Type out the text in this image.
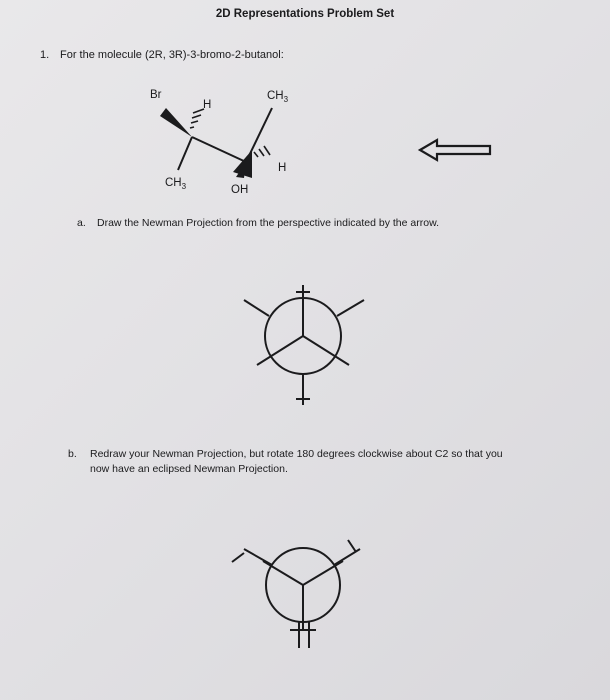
2D Representations Problem Set
1. For the molecule (2R, 3R)-3-bromo-2-butanol:
Br
H
$CH_3$
H
$CH_3$	OH
a. Draw the Newman Projection from the perspective indicated by the arrow.
b. Redraw your Newman Projection, but rotate 180 degrees clockwise about C2 so that you
now have an eclipsed Newman Projection.
